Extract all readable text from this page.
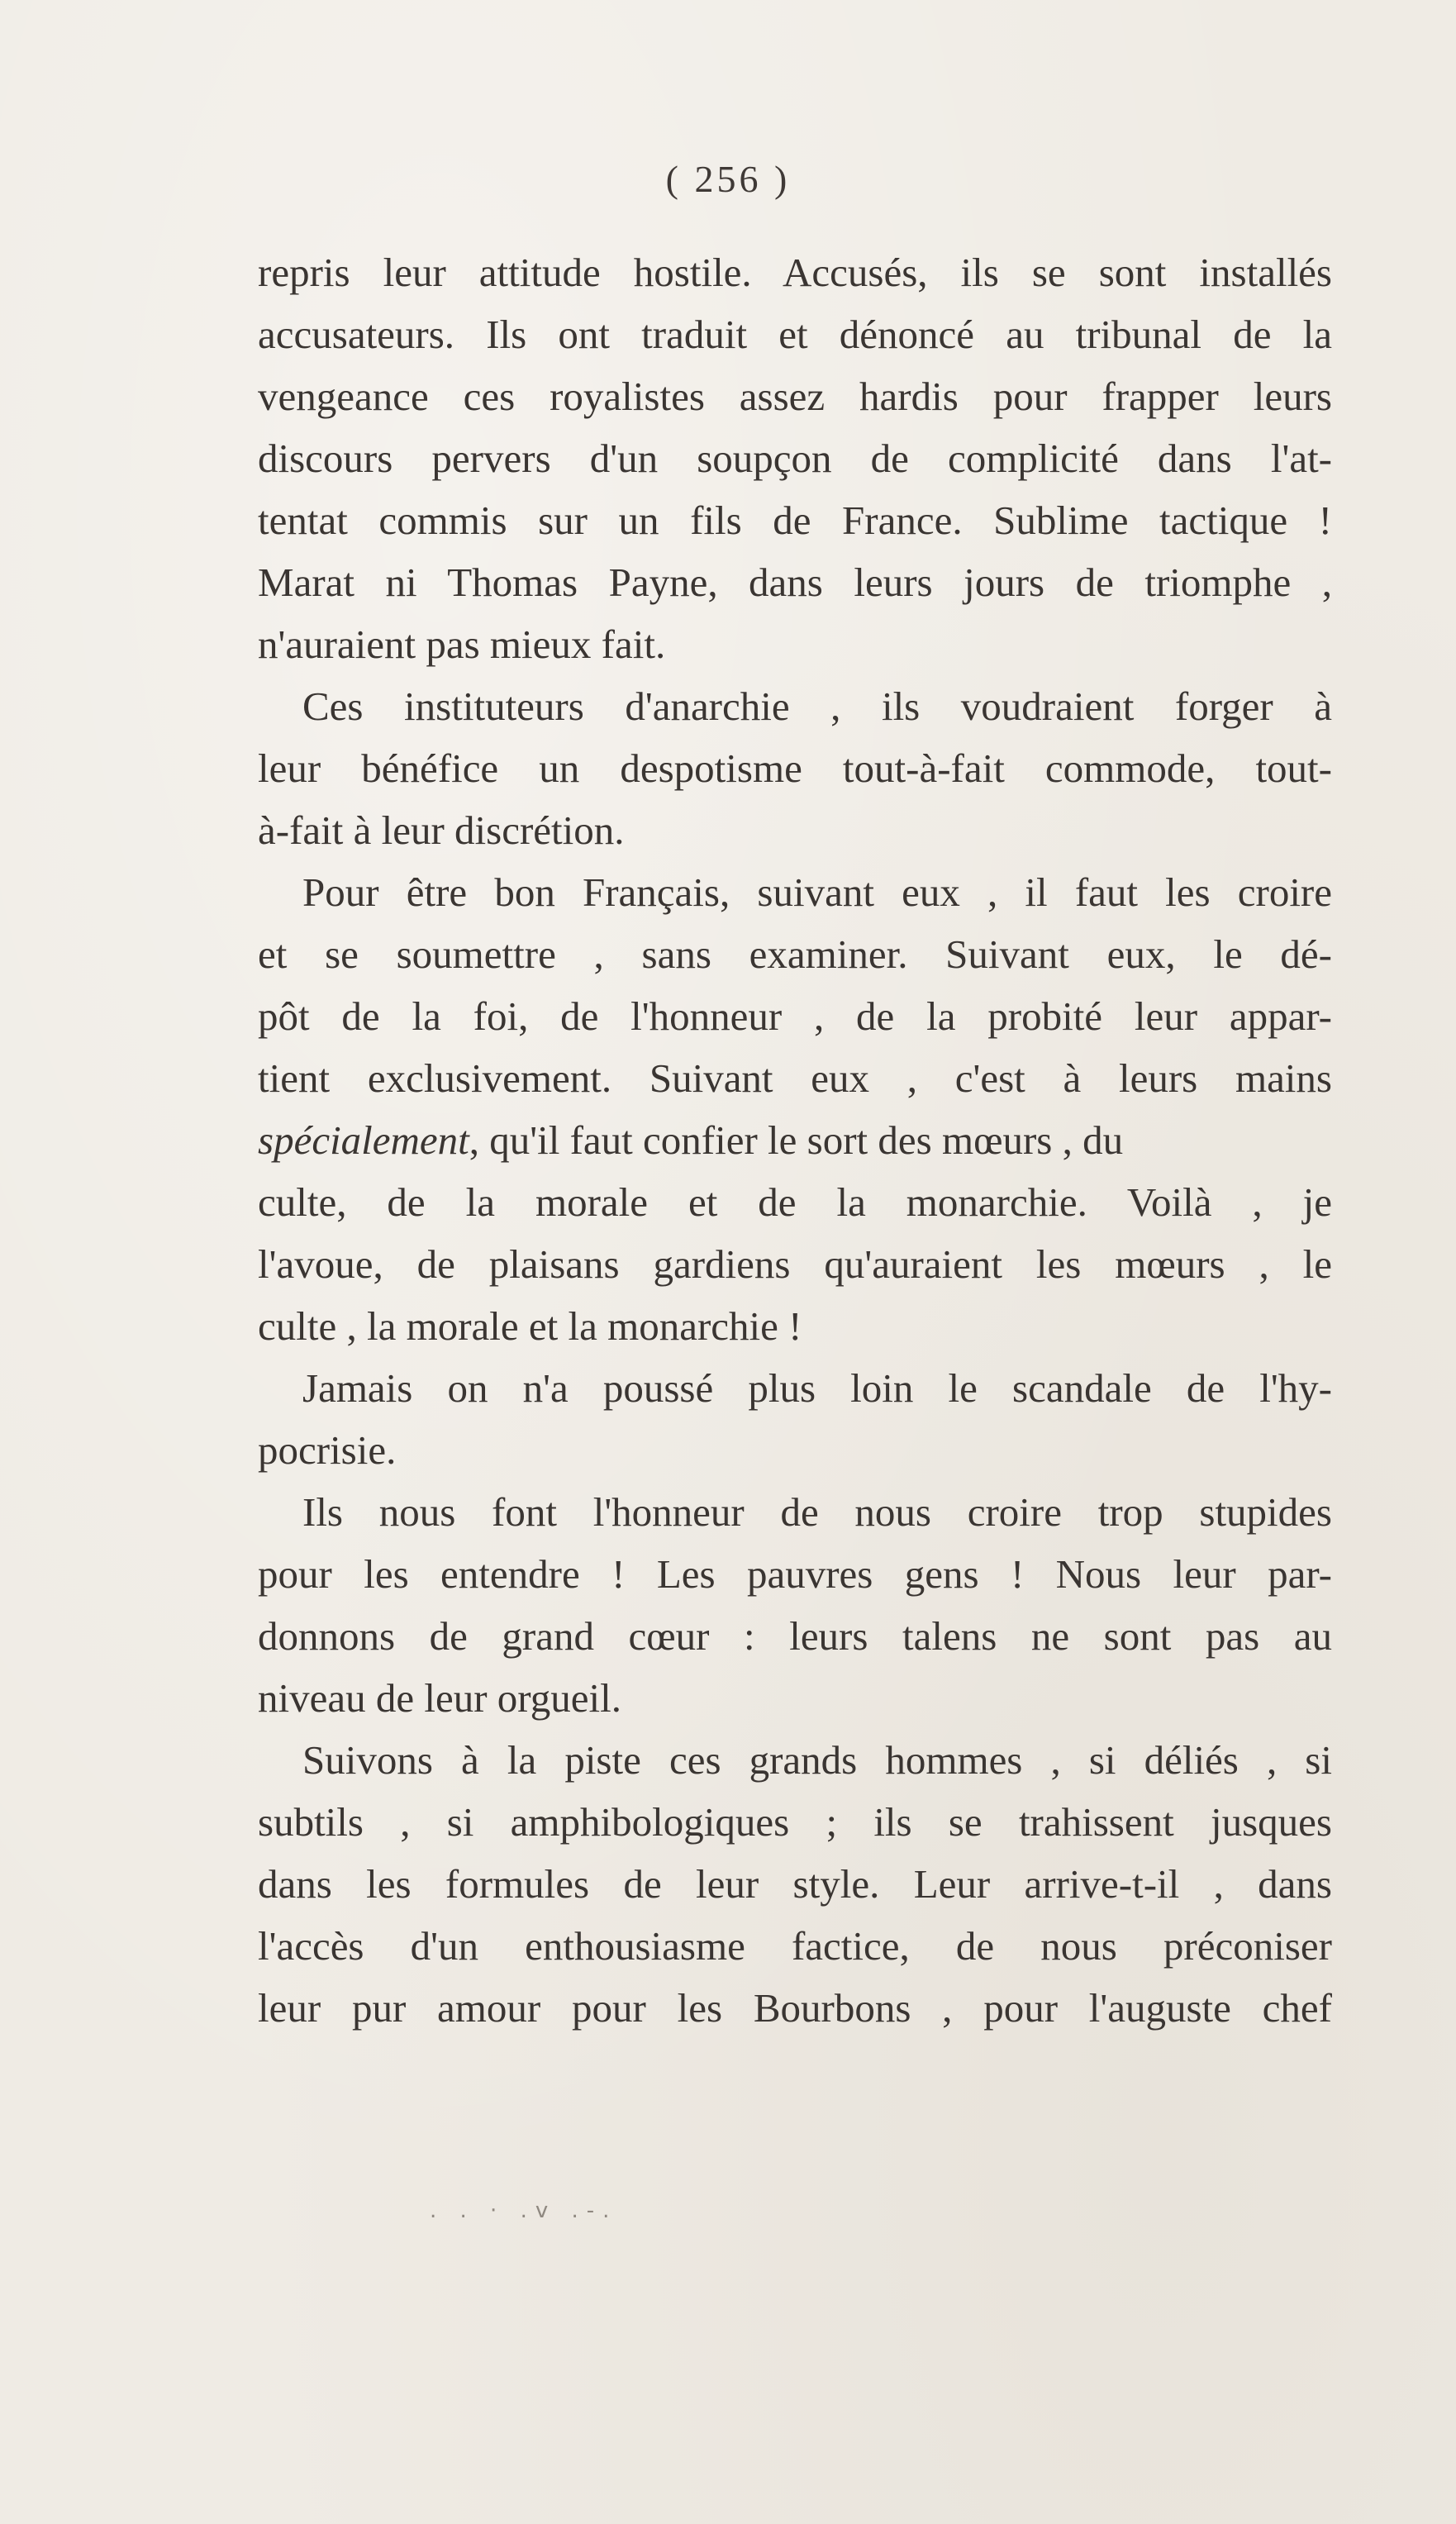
( 256 )
repris leur attitude hostile. Accusés, ils se sont installés
accusateurs. Ils ont traduit et dénoncé au tribunal de la
vengeance ces royalistes assez hardis pour frapper leurs
discours pervers d'un soupçon de complicité dans l'at-
tentat commis sur un fils de France. Sublime tactique !
Marat ni Thomas Payne, dans leurs jours de triomphe ,
n'auraient pas mieux fait.
Ces instituteurs d'anarchie , ils voudraient forger à
leur bénéfice un despotisme tout-à-fait commode, tout-
à-fait à leur discrétion.
Pour être bon Français, suivant eux , il faut les croire
et se soumettre , sans examiner. Suivant eux, le dé-
pôt de la foi, de l'honneur , de la probité leur appar-
tient exclusivement. Suivant eux , c'est à leurs mains
spécialement, qu'il faut confier le sort des mœurs , du
culte, de la morale et de la monarchie. Voilà , je
l'avoue, de plaisans gardiens qu'auraient les mœurs , le
culte , la morale et la monarchie !
Jamais on n'a poussé plus loin le scandale de l'hy-
pocrisie.
Ils nous font l'honneur de nous croire trop stupides
pour les entendre ! Les pauvres gens ! Nous leur par-
donnons de grand cœur : leurs talens ne sont pas au
niveau de leur orgueil.
Suivons à la piste ces grands hommes , si déliés , si
subtils , si amphibologiques ; ils se trahissent jusques
dans les formules de leur style. Leur arrive-t-il , dans
l'accès d'un enthousiasme factice, de nous préconiser
leur pur amour pour les Bourbons , pour l'auguste chef
. . · .v .-.
